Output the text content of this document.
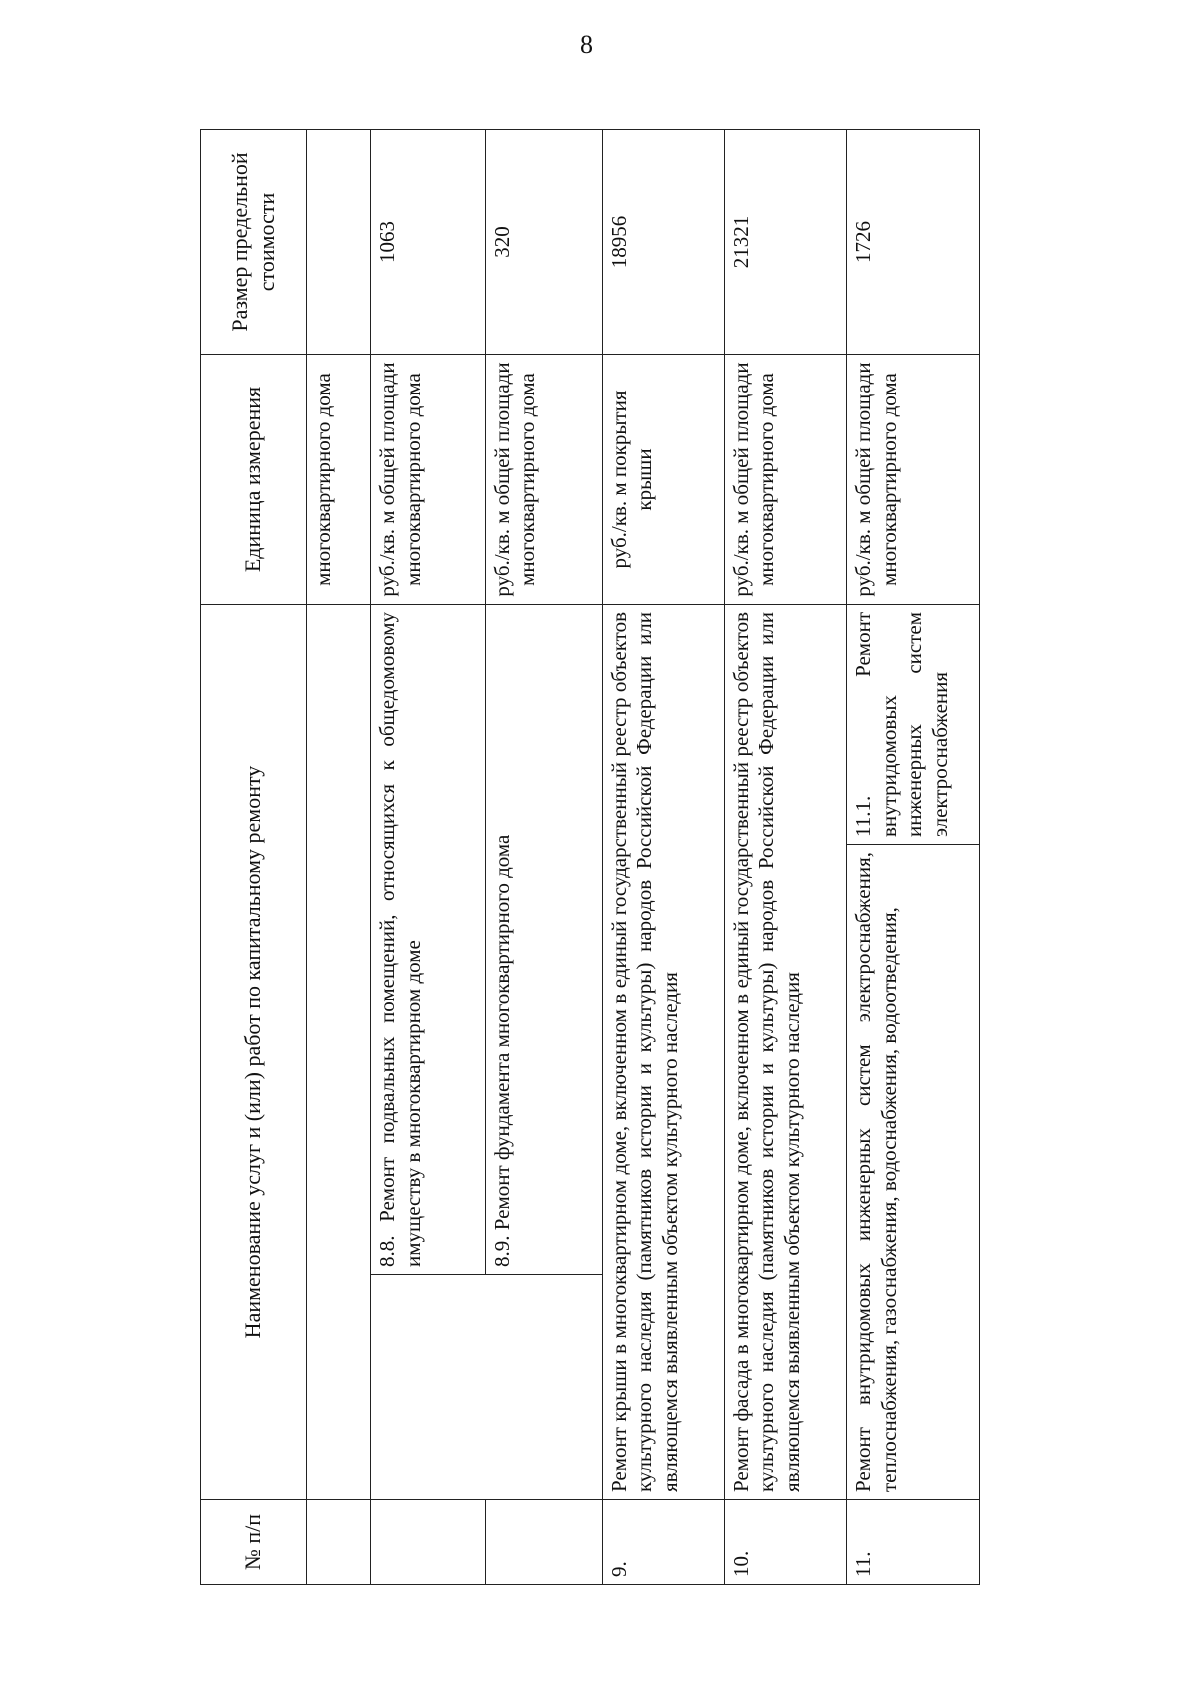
8
№ п/п	Наименование услуг и (или) работ по капитальному ремонту			Единица измерения	Размер предельной стоимости
				многоквартирного дома	
		8.8. Ремонт подвальных помещений, относящихся к общедомовому имуществу в многоквартирном доме		руб./кв. м общей площади многоквартирного дома	1063
		8.9. Ремонт фундамента многоквартирного дома		руб./кв. м общей площади многоквартирного дома	320
9.	Ремонт крыши в многоквартирном доме, включенном в единый государственный реестр объектов культурного наследия (памятников истории и культуры) народов Российской Федерации или являющемся выявленным объектом культурного наследия			руб./кв. м покрытия крыши	18956
10.	Ремонт фасада в многоквартирном доме, включенном в единый государственный реестр объектов культурного наследия (памятников истории и культуры) народов Российской Федерации или являющемся выявленным объектом культурного наследия			руб./кв. м общей площади многоквартирного дома	21321
11.	Ремонт внутридомовых инженерных систем электроснабжения, теплоснабжения, газоснабжения, водоснабжения, водоотведения,		11.1. Ремонт внутридомовых инженерных систем электроснабжения	руб./кв. м общей площади многоквартирного дома	1726
